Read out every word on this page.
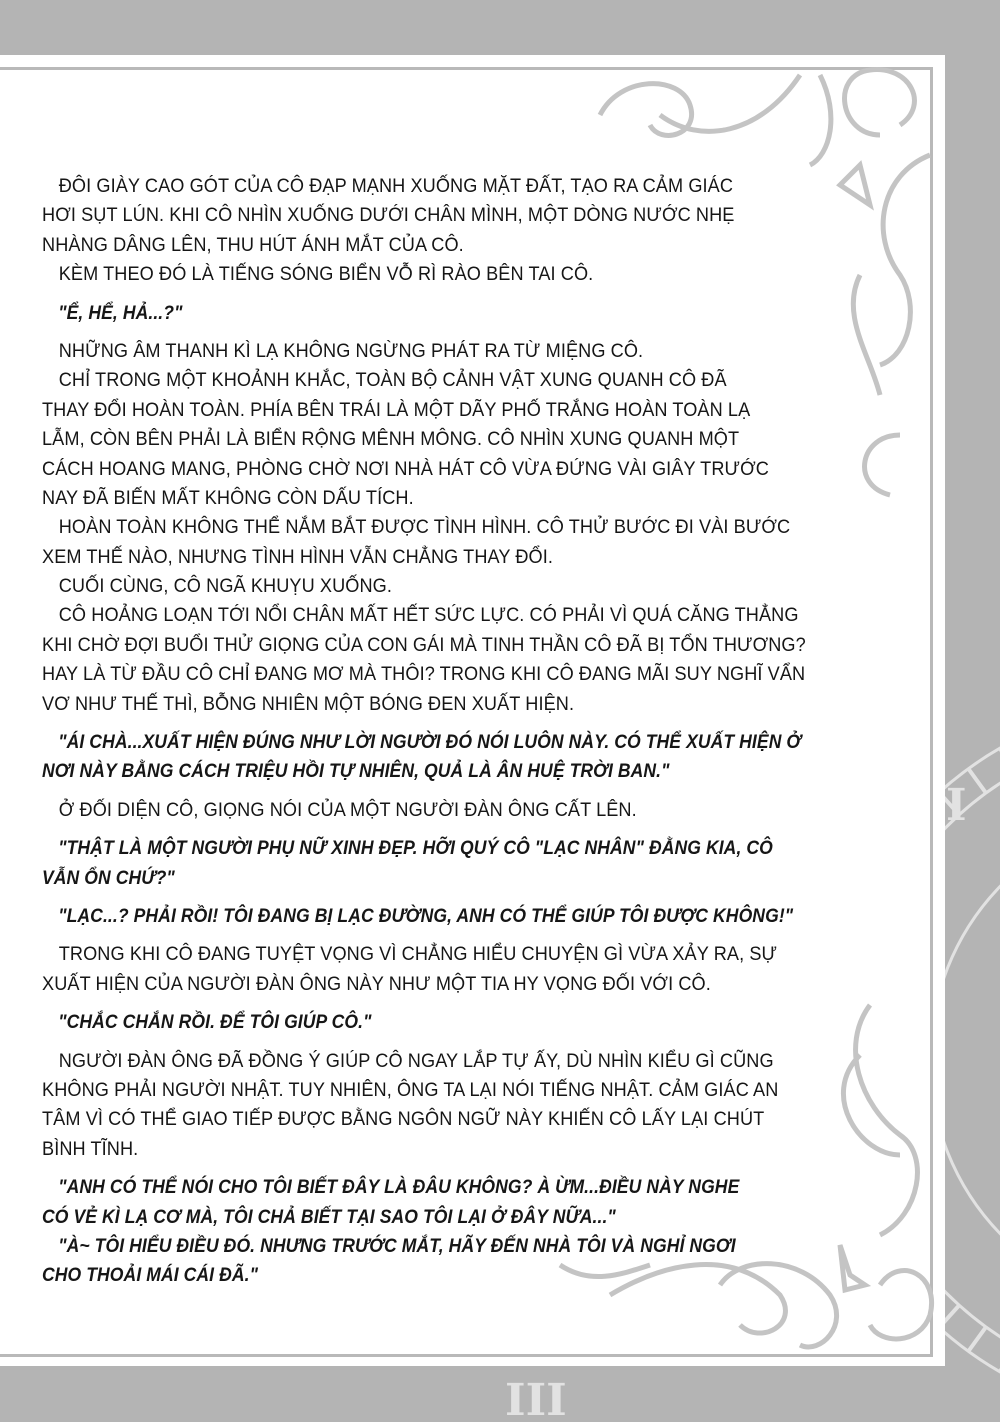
I
III
ĐÔI GIÀY CAO GÓT CỦA CÔ ĐẠP MẠNH XUỐNG MẶT ĐẤT, TẠO RA CẢM GIÁC
HƠI SỤT LÚN. KHI CÔ NHÌN XUỐNG DƯỚI CHÂN MÌNH, MỘT DÒNG NƯỚC NHẸ
NHÀNG DÂNG LÊN, THU HÚT ÁNH MẮT CỦA CÔ.
KÈM THEO ĐÓ LÀ TIẾNG SÓNG BIỂN VỖ RÌ RÀO BÊN TAI CÔ.
"Ể, HỂ, HẢ...?"
NHỮNG ÂM THANH KÌ LẠ KHÔNG NGỪNG PHÁT RA TỪ MIỆNG CÔ.
CHỈ TRONG MỘT KHOẢNH KHẮC, TOÀN BỘ CẢNH VẬT XUNG QUANH CÔ ĐÃ
THAY ĐỔI HOÀN TOÀN. PHÍA BÊN TRÁI LÀ MỘT DÃY PHỐ TRẮNG HOÀN TOÀN LẠ
LẪM, CÒN BÊN PHẢI LÀ BIỂN RỘNG MÊNH MÔNG. CÔ NHÌN XUNG QUANH MỘT
CÁCH HOANG MANG, PHÒNG CHỜ NƠI NHÀ HÁT CÔ VỪA ĐỨNG VÀI GIÂY TRƯỚC
NAY ĐÃ BIẾN MẤT KHÔNG CÒN DẤU TÍCH.
HOÀN TOÀN KHÔNG THỂ NẮM BẮT ĐƯỢC TÌNH HÌNH. CÔ THỬ BƯỚC ĐI VÀI BƯỚC
XEM THẾ NÀO, NHƯNG TÌNH HÌNH VẪN CHẲNG THAY ĐỔI.
CUỐI CÙNG, CÔ NGÃ KHUỴU XUỐNG.
CÔ HOẢNG LOẠN TỚI NỔI CHÂN MẤT HẾT SỨC LỰC. CÓ PHẢI VÌ QUÁ CĂNG THẲNG
KHI CHỜ ĐỢI BUỔI THỬ GIỌNG CỦA CON GÁI MÀ TINH THẦN CÔ ĐÃ BỊ TỔN THƯƠNG?
HAY LÀ TỪ ĐẦU CÔ CHỈ ĐANG MƠ MÀ THÔI? TRONG KHI CÔ ĐANG MÃI SUY NGHĨ VẨN
VƠ NHƯ THẾ THÌ, BỖNG NHIÊN MỘT BÓNG ĐEN XUẤT HIỆN.
"ÁI CHÀ...XUẤT HIỆN ĐÚNG NHƯ LỜI NGƯỜI ĐÓ NÓI LUÔN NÀY. CÓ THỂ XUẤT HIỆN Ở
NƠI NÀY BẰNG CÁCH TRIỆU HỒI TỰ NHIÊN, QUẢ LÀ ÂN HUỆ TRỜI BAN."
Ở ĐỐI DIỆN CÔ, GIỌNG NÓI CỦA MỘT NGƯỜI ĐÀN ÔNG CẤT LÊN.
"THẬT LÀ MỘT NGƯỜI PHỤ NỮ XINH ĐẸP. HỠI QUÝ CÔ "LẠC NHÂN" ĐẰNG KIA, CÔ
VẪN ỔN CHỨ?"
"LẠC...? PHẢI RỒI! TÔI ĐANG BỊ LẠC ĐƯỜNG, ANH CÓ THỂ GIÚP TÔI ĐƯỢC KHÔNG!"
TRONG KHI CÔ ĐANG TUYỆT VỌNG VÌ CHẲNG HIỂU CHUYỆN GÌ VỪA XẢY RA, SỰ
XUẤT HIỆN CỦA NGƯỜI ĐÀN ÔNG NÀY NHƯ MỘT TIA HY VỌNG ĐỐI VỚI CÔ.
"CHẮC CHẮN RỒI. ĐỂ TÔI GIÚP CÔ."
NGƯỜI ĐÀN ÔNG ĐÃ ĐỒNG Ý GIÚP CÔ NGAY LẮP TỰ ẤY, DÙ NHÌN KIỂU GÌ CŨNG
KHÔNG PHẢI NGƯỜI NHẬT. TUY NHIÊN, ÔNG TA LẠI NÓI TIẾNG NHẬT. CẢM GIÁC AN
TÂM VÌ CÓ THỂ GIAO TIẾP ĐƯỢC BẰNG NGÔN NGỮ NÀY KHIẾN CÔ LẤY LẠI CHÚT
BÌNH TĨNH.
"ANH CÓ THỂ NÓI CHO TÔI BIẾT ĐÂY LÀ ĐÂU KHÔNG? À ỪM...ĐIỀU NÀY NGHE
CÓ VẺ KÌ LẠ CƠ MÀ, TÔI CHẢ BIẾT TẠI SAO TÔI LẠI Ở ĐÂY NỮA..."
"À~ TÔI HIỂU ĐIỀU ĐÓ. NHƯNG TRƯỚC MẮT, HÃY ĐẾN NHÀ TÔI VÀ NGHỈ NGƠI
CHO THOẢI MÁI CÁI ĐÃ."
